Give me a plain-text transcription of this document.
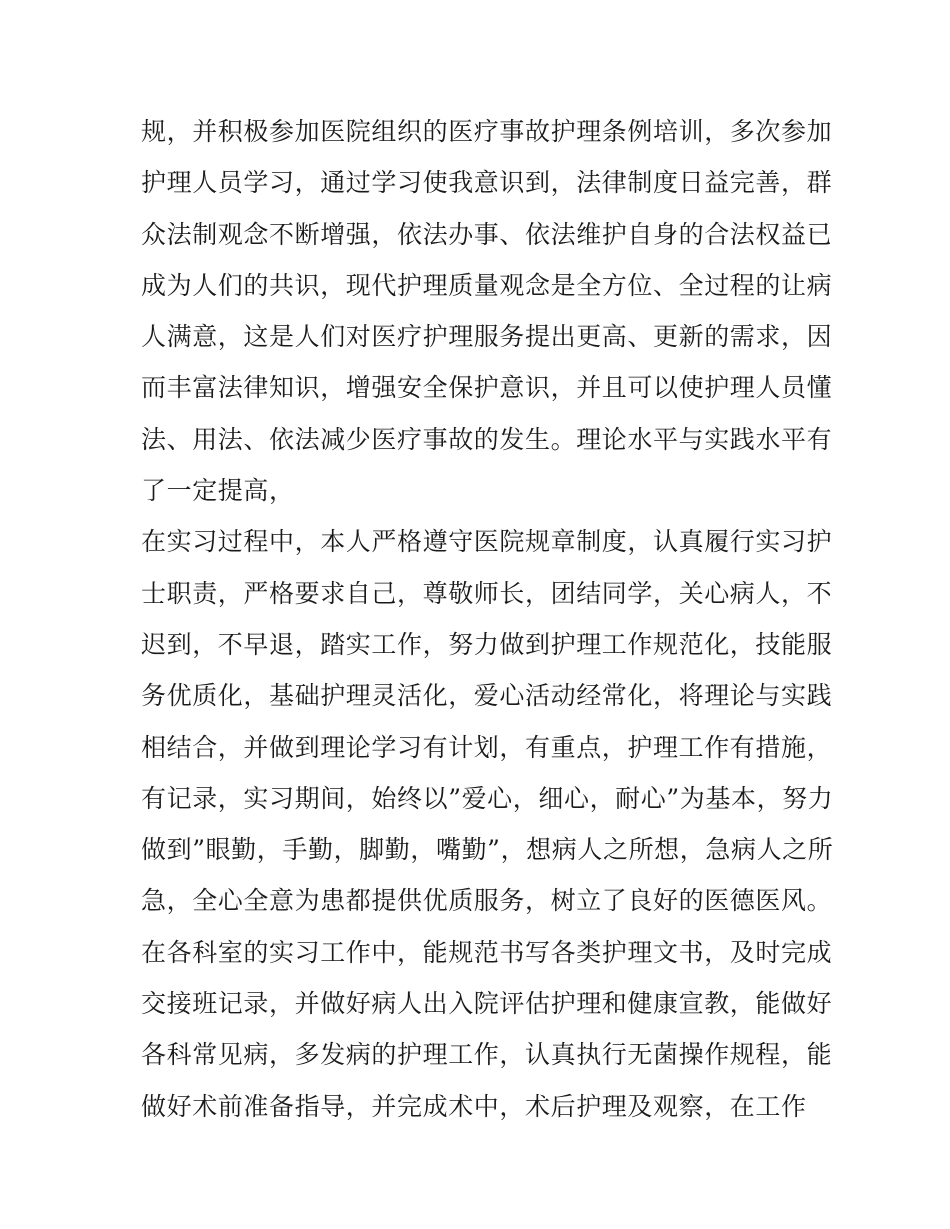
规，并积极参加医院组织的医疗事故护理条例培训，多次参加
护理人员学习，通过学习使我意识到，法律制度日益完善，群
众法制观念不断增强，依法办事、依法维护自身的合法权益已
成为人们的共识，现代护理质量观念是全方位、全过程的让病
人满意，这是人们对医疗护理服务提出更高、更新的需求，因
而丰富法律知识，增强安全保护意识，并且可以使护理人员懂
法、用法、依法减少医疗事故的发生。理论水平与实践水平有
了一定提高，
在实习过程中，本人严格遵守医院规章制度，认真履行实习护
士职责，严格要求自己，尊敬师长，团结同学，关心病人，不
迟到，不早退，踏实工作，努力做到护理工作规范化，技能服
务优质化，基础护理灵活化，爱心活动经常化，将理论与实践
相结合，并做到理论学习有计划，有重点，护理工作有措施，
有记录，实习期间，始终以”爱心，细心，耐心”为基本，努力
做到”眼勤，手勤，脚勤，嘴勤”，想病人之所想，急病人之所
急，全心全意为患都提供优质服务，树立了良好的医德医风。
在各科室的实习工作中，能规范书写各类护理文书，及时完成
交接班记录，并做好病人出入院评估护理和健康宣教，能做好
各科常见病，多发病的护理工作，认真执行无菌操作规程，能
做好术前准备指导，并完成术中，术后护理及观察，在工作
